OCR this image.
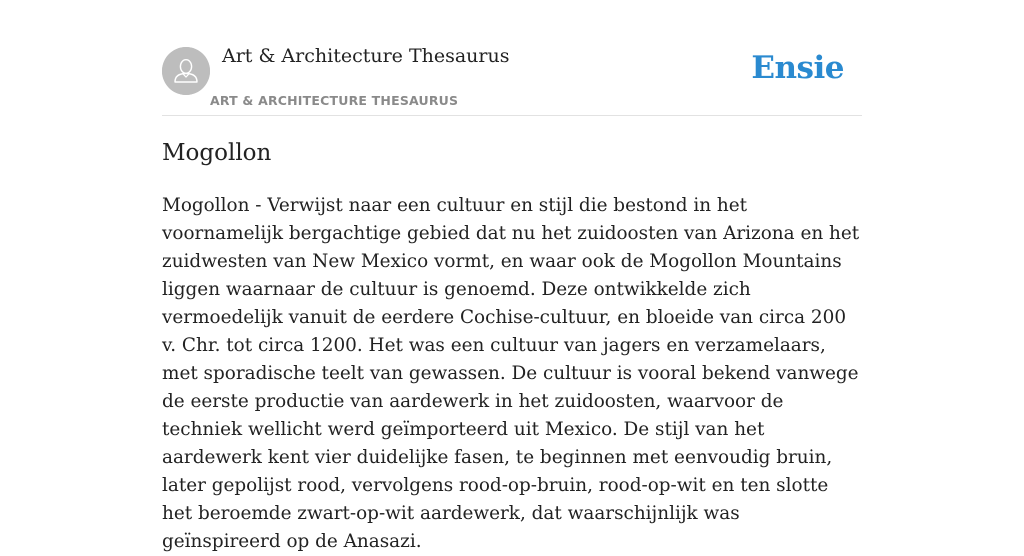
Art & Architecture Thesaurus
ART & ARCHITECTURE THESAURUS
Ensie
Mogollon

Mogollon - Verwijst naar een cultuur en stijl die bestond in het voornamelijk bergachtige gebied dat nu het zuidoosten van Arizona en het zuidwesten van New Mexico vormt, en waar ook de Mogollon Mountains liggen waarnaar de cultuur is genoemd. Deze ontwikkelde zich vermoedelijk vanuit de eerdere Cochise-cultuur, en bloeide van circa 200 v. Chr. tot circa 1200. Het was een cultuur van jagers en verzamelaars, met sporadische teelt van gewassen. De cultuur is vooral bekend vanwege de eerste productie van aardewerk in het zuidoosten, waarvoor de techniek wellicht werd geïmporteerd uit Mexico. De stijl van het aardewerk kent vier duidelijke fasen, te beginnen met eenvoudig bruin, later gepolijst rood, vervolgens rood-op-bruin, rood-op-wit en ten slotte het beroemde zwart-op-wit aardewerk, dat waarschijnlijk was geïnspireerd op de Anasazi.
